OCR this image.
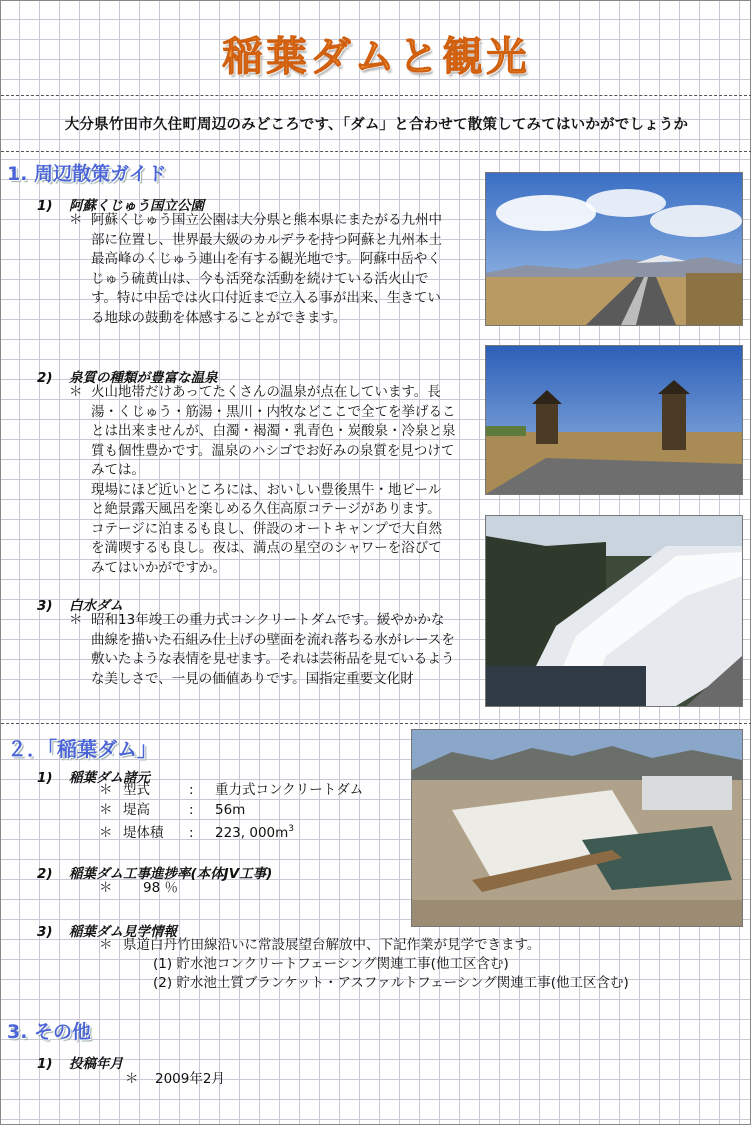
稲葉ダムと観光
大分県竹田市久住町周辺のみどころです、「ダム」と合わせて散策してみてはいかがでしょうか
1. 周辺散策ガイド
1) 阿蘇くじゅう国立公園
＊ 阿蘇くじゅう国立公園は大分県と熊本県にまたがる九州中部に位置し、世界最大級のカルデラを持つ阿蘇と九州本土最高峰のくじゅう連山を有する観光地です。阿蘇中岳やくじゅう硫黄山は、今も活発な活動を続けている活火山です。特に中岳では火口付近まで立入る事が出来、生きている地球の鼓動を体感することができます。
2) 泉質の種類が豊富な温泉
＊ 火山地帯だけあってたくさんの温泉が点在しています。長湯・くじゅう・筋湯・黒川・内牧などここで全てを挙げることは出来ませんが、白濁・褐濁・乳青色・炭酸泉・冷泉と泉質も個性豊かです。温泉のハシゴでお好みの泉質を見つけてみては。
現場にほど近いところには、おいしい豊後黒牛・地ビールと絶景露天風呂を楽しめる久住高原コテージがあります。コテージに泊まるも良し、併設のオートキャンプで大自然を満喫するも良し。夜は、満点の星空のシャワーを浴びてみてはいかがですか。
3) 白水ダム
＊ 昭和13年竣工の重力式コンクリートダムです。緩やかかな曲線を描いた石組み仕上げの壁面を流れ落ちる水がレースを敷いたような表情を見せます。それは芸術品を見ているような美しさで、一見の価値ありです。国指定重要文化財
２．「稲葉ダム」
1) 稲葉ダム諸元
＊ 型式	: 重力式コンクリートダム
＊ 堤高	: 56m
＊ 堤体積 : 223, $000m^3$
2) 稲葉ダム工事進捗率(本体JV工事)
＊ 98 ％
3) 稲葉ダム見学情報
＊ 県道白丹竹田線沿いに常設展望台解放中、下記作業が見学できます。
(1) 貯水池コンクリートフェーシング関連工事(他工区含む)
(2) 貯水池土質ブランケット・アスファルトフェーシング関連工事(他工区含む)
3. その他
1) 投稿年月
＊ 2009年2月
